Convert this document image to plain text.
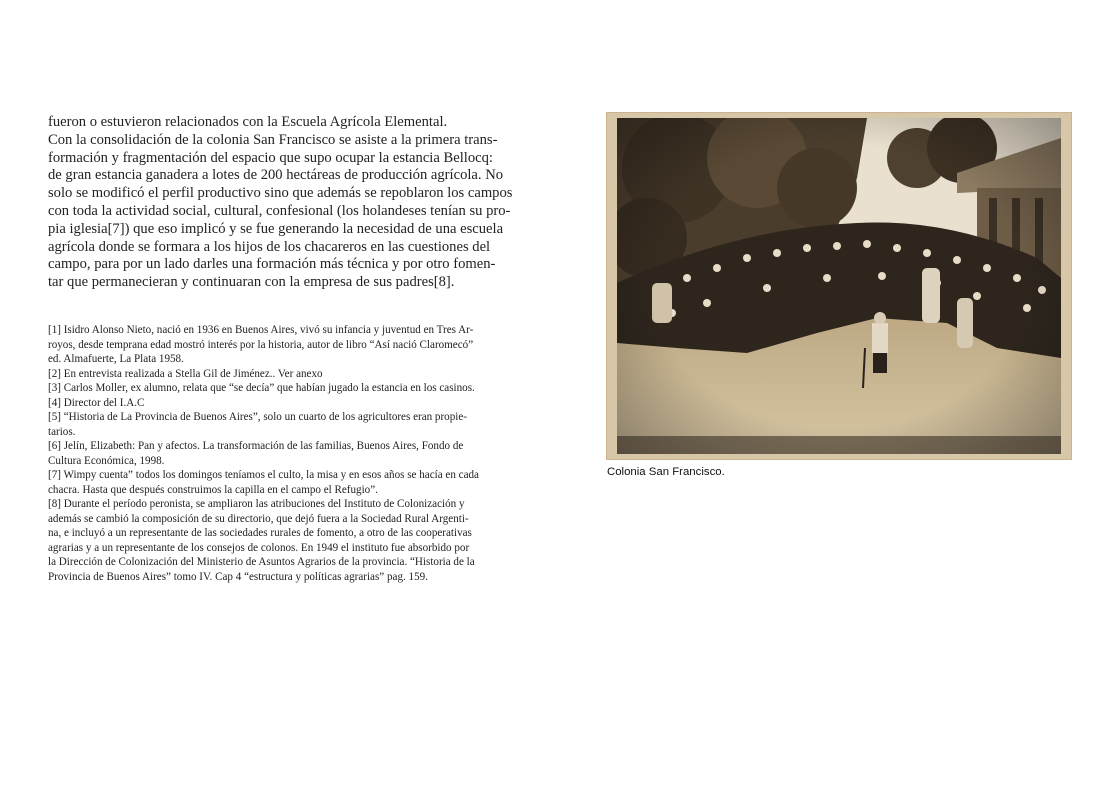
fueron o estuvieron relacionados con la Escuela Agrícola Elemental.
Con la consolidación de la colonia San Francisco se asiste a la primera trans-
formación y fragmentación del espacio que supo ocupar la estancia Bellocq:
de gran estancia ganadera a lotes de 200 hectáreas de producción agrícola. No
solo se modificó el perfil productivo sino que además se repoblaron los campos
con toda la actividad social, cultural, confesional (los holandeses tenían su pro-
pia iglesia[7]) que eso implicó y se fue generando la necesidad de una escuela
agrícola donde se formara a los hijos de los chacareros en las cuestiones del
campo, para por un lado darles una formación más técnica y por otro fomen-
tar que permanecieran y continuaran con la empresa de sus padres[8].
[1] Isidro Alonso Nieto, nació en 1936 en Buenos Aires, vivó su infancia y juventud en Tres Ar-
royos, desde temprana edad mostró interés por la historia, autor de libro “Así nació Claromecó”
ed. Almafuerte, La Plata 1958.
[2] En entrevista realizada a Stella Gil de Jiménez.. Ver anexo
[3] Carlos Moller, ex alumno, relata que “se decía” que habían jugado la estancia en los casinos.
[4] Director del I.A.C
[5] “Historia de La Provincia de Buenos Aires”, solo un cuarto de los agricultores eran propie-
tarios.
[6] Jelín, Elizabeth: Pan y afectos. La transformación de las familias, Buenos Aires, Fondo de
Cultura Económica, 1998.
[7] Wimpy cuenta” todos los domingos teníamos el culto, la misa y en esos años se hacía en cada
chacra. Hasta que después construimos la capilla en el campo el Refugio”.
[8] Durante el período peronista, se ampliaron las atribuciones del Instituto de Colonización y
además se cambió la composición de su directorio, que dejó fuera a la Sociedad Rural Argenti-
na, e incluyó a un representante de las sociedades rurales de fomento, a otro de las cooperativas
agrarias y a un representante de los consejos de colonos. En 1949 el instituto fue absorbido por
la Dirección de Colonización del Ministerio de Asuntos Agrarios de la provincia. “Historia de la
Provincia de Buenos Aires” tomo IV. Cap 4 “estructura y políticas agrarias” pag. 159.
Colonia San Francisco.
